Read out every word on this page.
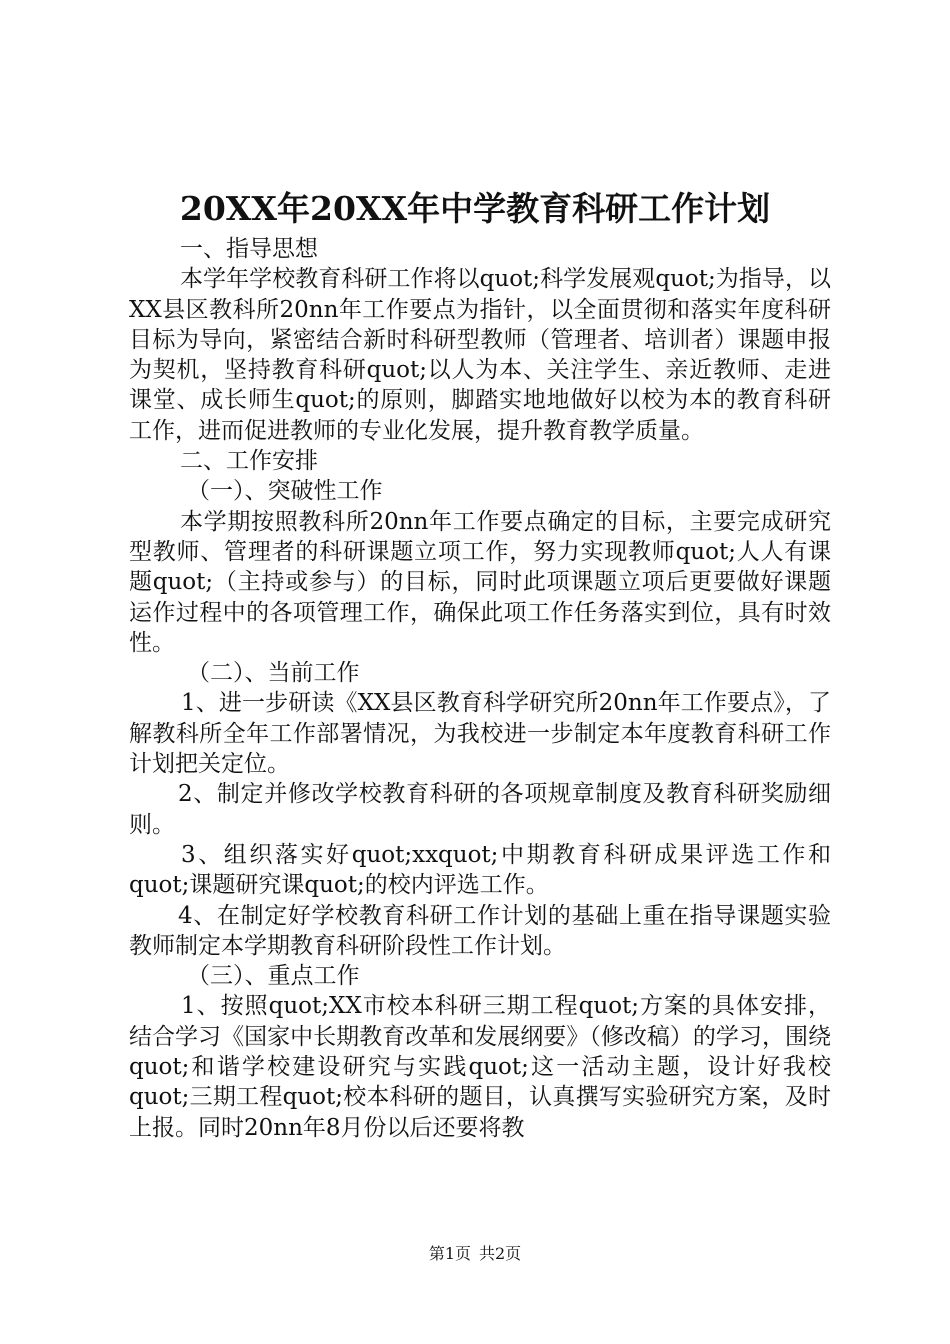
20XX年20XX年中学教育科研工作计划

一、指导思想

本学年学校教育科研工作将以quot;科学发展观quot;为指导，以XX县区教科所20nn年工作要点为指针，以全面贯彻和落实年度科研目标为导向，紧密结合新时科研型教师（管理者、培训者）课题申报为契机，坚持教育科研quot;以人为本、关注学生、亲近教师、走进课堂、成长师生quot;的原则，脚踏实地地做好以校为本的教育科研工作，进而促进教师的专业化发展，提升教育教学质量。

二、工作安排

（一）、突破性工作

本学期按照教科所20nn年工作要点确定的目标，主要完成研究型教师、管理者的科研课题立项工作，努力实现教师quot;人人有课题quot;（主持或参与）的目标，同时此项课题立项后更要做好课题运作过程中的各项管理工作，确保此项工作任务落实到位，具有时效性。

（二）、当前工作

1、进一步研读《XX县区教育科学研究所20nn年工作要点》，了解教科所全年工作部署情况，为我校进一步制定本年度教育科研工作计划把关定位。

2、制定并修改学校教育科研的各项规章制度及教育科研奖励细则。

3、组织落实好quot;xxquot;中期教育科研成果评选工作和quot;课题研究课quot;的校内评选工作。

4、在制定好学校教育科研工作计划的基础上重在指导课题实验教师制定本学期教育科研阶段性工作计划。

（三）、重点工作

1、按照quot;XX市校本科研三期工程quot;方案的具体安排，结合学习《国家中长期教育改革和发展纲要》（修改稿）的学习，围绕quot;和谐学校建设研究与实践quot;这一活动主题，设计好我校quot;三期工程quot;校本科研的题目，认真撰写实验研究方案，及时上报。同时20nn年8月份以后还要将教

第1页 共2页
